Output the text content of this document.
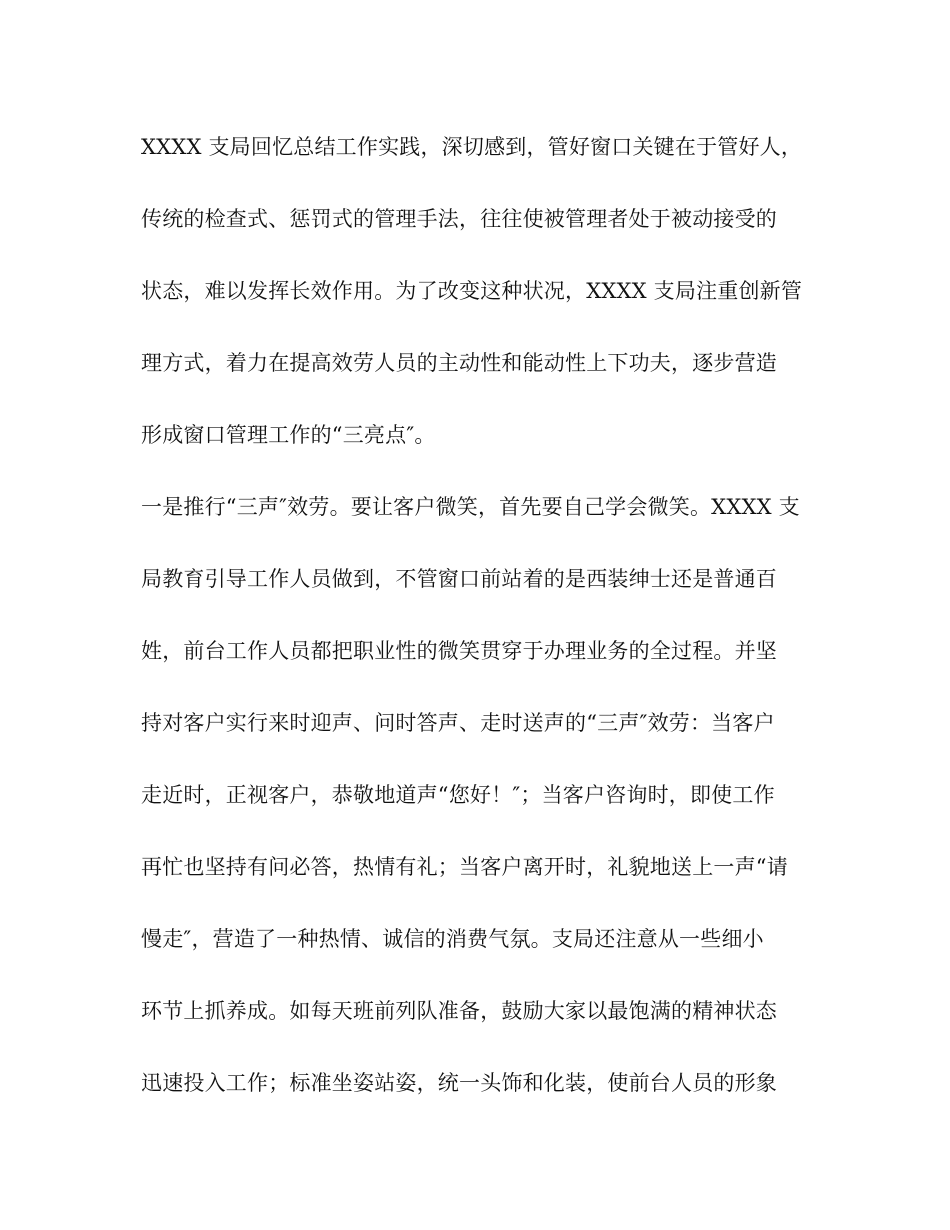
XXXX 支局回忆总结工作实践，深切感到，管好窗口关键在于管好人，
传统的检查式、惩罚式的管理手法，往往使被管理者处于被动接受的
状态，难以发挥长效作用。为了改变这种状况，XXXX 支局注重创新管
理方式，着力在提高效劳人员的主动性和能动性上下功夫，逐步营造
形成窗口管理工作的“三亮点″。
一是推行“三声″效劳。要让客户微笑，首先要自己学会微笑。XXXX 支
局教育引导工作人员做到，不管窗口前站着的是西装绅士还是普通百
姓，前台工作人员都把职业性的微笑贯穿于办理业务的全过程。并坚
持对客户实行来时迎声、问时答声、走时送声的“三声″效劳：当客户
走近时，正视客户，恭敬地道声“您好！″；当客户咨询时，即使工作
再忙也坚持有问必答，热情有礼；当客户离开时，礼貌地送上一声“请
慢走″，营造了一种热情、诚信的消费气氛。支局还注意从一些细小
环节上抓养成。如每天班前列队准备，鼓励大家以最饱满的精神状态
迅速投入工作；标准坐姿站姿，统一头饰和化装，使前台人员的形象
